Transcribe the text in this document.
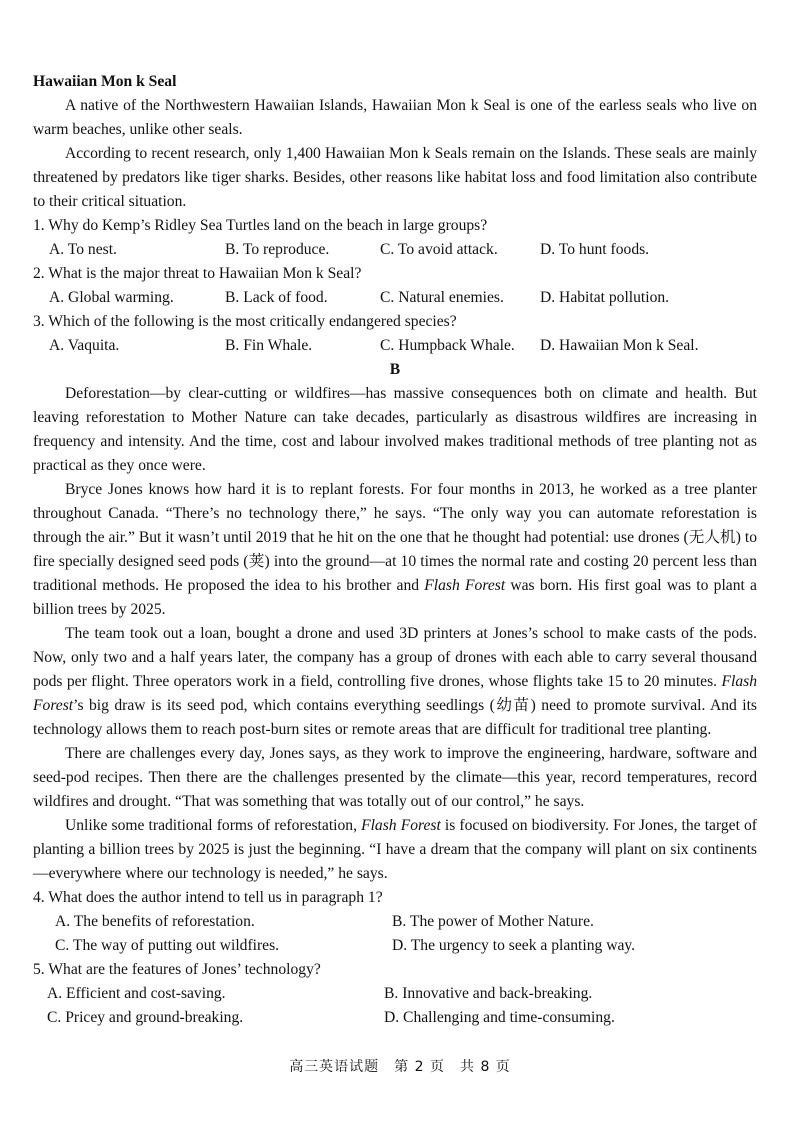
Hawaiian Mon k Seal

A native of the Northwestern Hawaiian Islands, Hawaiian Mon k Seal is one of the earless seals who live on warm beaches, unlike other seals.

According to recent research, only 1,400 Hawaiian Mon k Seals remain on the Islands. These seals are mainly threatened by predators like tiger sharks. Besides, other reasons like habitat loss and food limitation also contribute to their critical situation.

1. Why do Kemp’s Ridley Sea Turtles land on the beach in large groups?
A. To nest.	B. To reproduce.	C. To avoid attack.	D. To hunt foods.
2. What is the major threat to Hawaiian Mon k Seal?
A. Global warming.	B. Lack of food.	C. Natural enemies.	D. Habitat pollution.
3. Which of the following is the most critically endangered species?
A. Vaquita.	B. Fin Whale.	C. Humpback Whale.	D. Hawaiian Mon k Seal.
B

Deforestation—by clear-cutting or wildfires—has massive consequences both on climate and health. But leaving reforestation to Mother Nature can take decades, particularly as disastrous wildfires are increasing in frequency and intensity. And the time, cost and labour involved makes traditional methods of tree planting not as practical as they once were.

Bryce Jones knows how hard it is to replant forests. For four months in 2013, he worked as a tree planter throughout Canada. “There’s no technology there,” he says. “The only way you can automate reforestation is through the air.” But it wasn’t until 2019 that he hit on the one that he thought had potential: use drones (无人机) to fire specially designed seed pods (荚) into the ground—at 10 times the normal rate and costing 20 percent less than traditional methods. He proposed the idea to his brother and Flash Forest was born. His first goal was to plant a billion trees by 2025.

The team took out a loan, bought a drone and used 3D printers at Jones’s school to make casts of the pods. Now, only two and a half years later, the company has a group of drones with each able to carry several thousand pods per flight. Three operators work in a field, controlling five drones, whose flights take 15 to 20 minutes. Flash Forest’s big draw is its seed pod, which contains everything seedlings (幼苗) need to promote survival. And its technology allows them to reach post-burn sites or remote areas that are difficult for traditional tree planting.

There are challenges every day, Jones says, as they work to improve the engineering, hardware, software and seed-pod recipes. Then there are the challenges presented by the climate—this year, record temperatures, record wildfires and drought. “That was something that was totally out of our control,” he says.

Unlike some traditional forms of reforestation, Flash Forest is focused on biodiversity. For Jones, the target of planting a billion trees by 2025 is just the beginning. “I have a dream that the company will plant on six continents—everywhere where our technology is needed,” he says.

4. What does the author intend to tell us in paragraph 1?
A. The benefits of reforestation.	B. The power of Mother Nature.
C. The way of putting out wildfires.	D. The urgency to seek a planting way.
5. What are the features of Jones’ technology?
A. Efficient and cost-saving.	B. Innovative and back-breaking.
C. Pricey and ground-breaking.	D. Challenging and time-consuming.
高三英语试题　第 2 页　共 8 页
